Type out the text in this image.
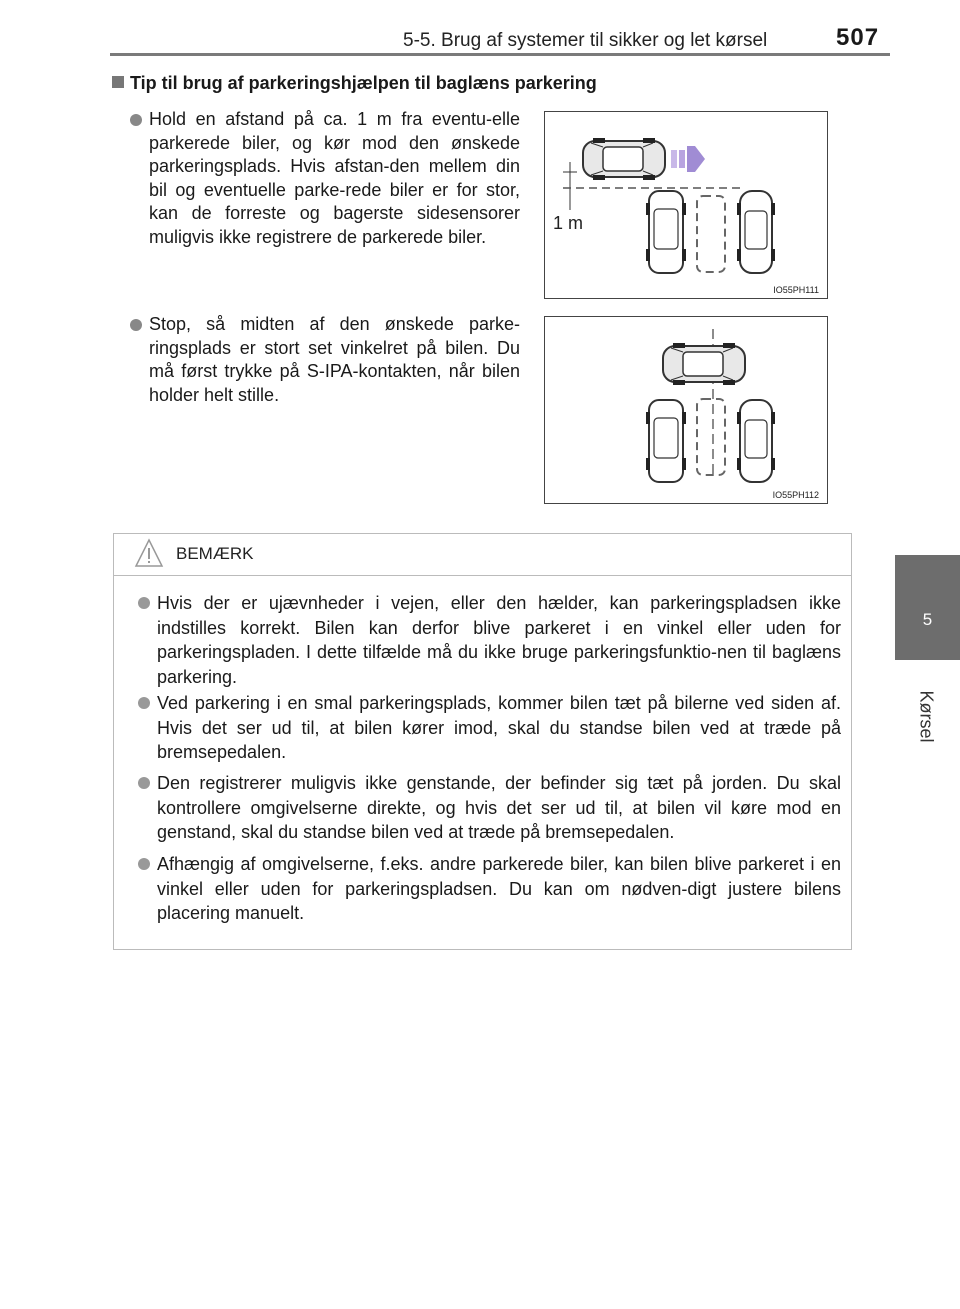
5-5. Brug af systemer til sikker og let kørsel	507
5
Kørsel
Tip til brug af parkeringshjælpen til baglæns parkering
Hold en afstand på ca. 1 m fra eventu-elle parkerede biler, og kør mod den ønskede parkeringsplads. Hvis afstan-den mellem din bil og eventuelle parke-rede biler er for stor, kan de forreste og bagerste sidesensorer muligvis ikke registrere de parkerede biler.
Stop, så midten af den ønskede parke-ringsplads er stort set vinkelret på bilen. Du må først trykke på S-IPA-kontakten, når bilen holder helt stille.
1 m
IO55PH111
IO55PH112
BEMÆRK
Hvis der er ujævnheder i vejen, eller den hælder, kan parkeringspladsen ikke indstilles korrekt. Bilen kan derfor blive parkeret i en vinkel eller uden for parkeringspladen. I dette tilfælde må du ikke bruge parkeringsfunktio-nen til baglæns parkering.
Ved parkering i en smal parkeringsplads, kommer bilen tæt på bilerne ved siden af. Hvis det ser ud til, at bilen kører imod, skal du standse bilen ved at træde på bremsepedalen.
Den registrerer muligvis ikke genstande, der befinder sig tæt på jorden. Du skal kontrollere omgivelserne direkte, og hvis det ser ud til, at bilen vil køre mod en genstand, skal du standse bilen ved at træde på bremsepedalen.
Afhængig af omgivelserne, f.eks. andre parkerede biler, kan bilen blive parkeret i en vinkel eller uden for parkeringspladsen. Du kan om nødven-digt justere bilens placering manuelt.
